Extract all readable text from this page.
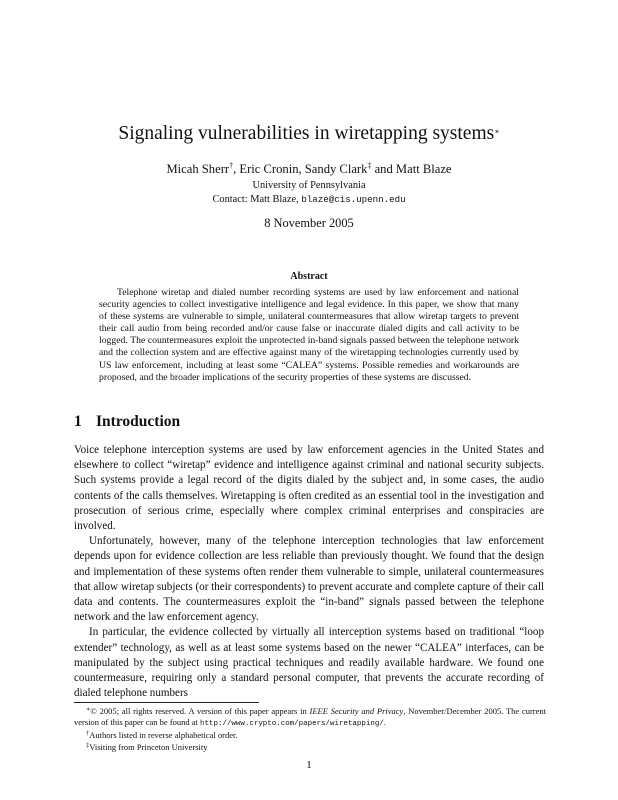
Signaling vulnerabilities in wiretapping systems∗
Micah Sherr†, Eric Cronin, Sandy Clark‡ and Matt Blaze
University of Pennsylvania
Contact: Matt Blaze, blaze@cis.upenn.edu
8 November 2005
Abstract

Telephone wiretap and dialed number recording systems are used by law enforcement and national security agencies to collect investigative intelligence and legal evidence. In this paper, we show that many of these systems are vulnerable to simple, unilateral countermeasures that allow wiretap targets to prevent their call audio from being recorded and/or cause false or inaccurate dialed digits and call activity to be logged. The countermeasures exploit the unprotected in-band signals passed between the telephone network and the collection system and are effective against many of the wiretapping technologies currently used by US law enforcement, including at least some “CALEA” systems. Possible remedies and workarounds are proposed, and the broader implications of the security properties of these systems are discussed.

1 Introduction

Voice telephone interception systems are used by law enforcement agencies in the United States and elsewhere to collect “wiretap” evidence and intelligence against criminal and national security subjects. Such systems provide a legal record of the digits dialed by the subject and, in some cases, the audio contents of the calls themselves. Wiretapping is often credited as an essential tool in the investigation and prosecution of serious crime, especially where complex criminal enterprises and conspiracies are involved.

Unfortunately, however, many of the telephone interception technologies that law enforcement depends upon for evidence collection are less reliable than previously thought. We found that the design and implementation of these systems often render them vulnerable to simple, unilateral countermeasures that allow wiretap subjects (or their correspondents) to prevent accurate and complete capture of their call data and contents. The countermeasures exploit the “in-band” signals passed between the telephone network and the law enforcement agency.

In particular, the evidence collected by virtually all interception systems based on traditional “loop extender” technology, as well as at least some systems based on the newer “CALEA” interfaces, can be manipulated by the subject using practical techniques and readily available hardware. We found one countermeasure, requiring only a standard personal computer, that prevents the accurate recording of dialed telephone numbers

∗© 2005; all rights reserved. A version of this paper appears in IEEE Security and Privacy, November/December 2005. The current version of this paper can be found at http://www.crypto.com/papers/wiretapping/.

†Authors listed in reverse alphabetical order.

‡Visiting from Princeton University

1
